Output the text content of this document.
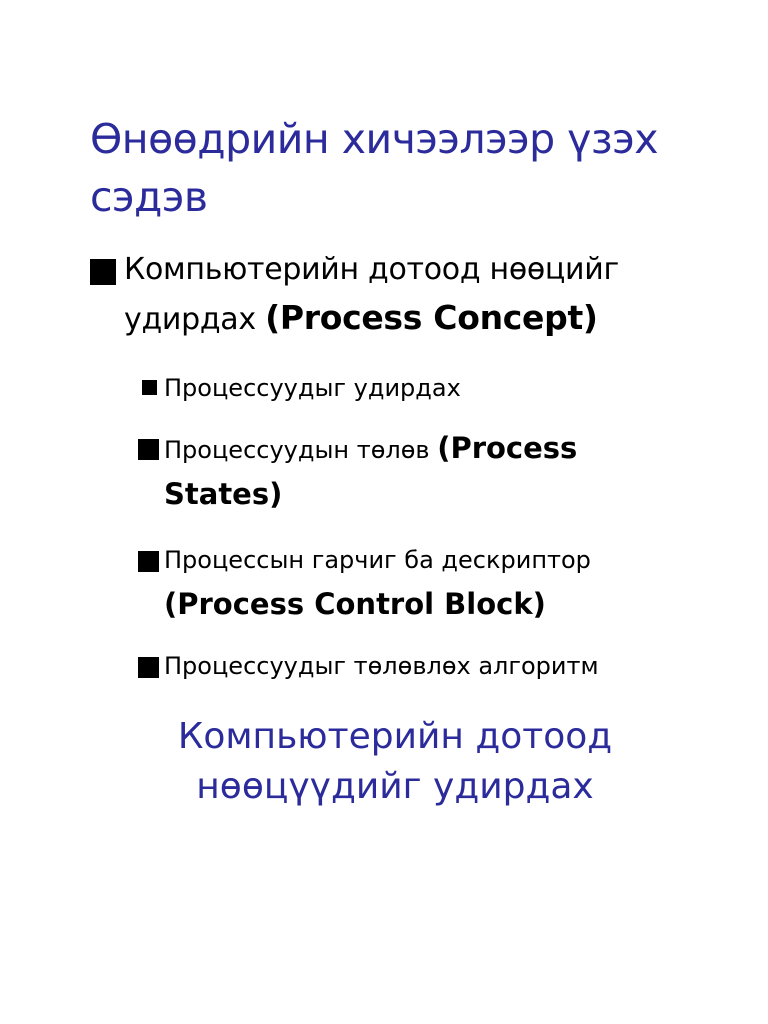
Өнөөдрийн хичээлээр үзэх сэдэв
Компьютерийн дотоод нөөцийг удирдах (Process Concept)
Процессуудыг удирдах
Процессуудын төлөв (Process States)
Процессын гарчиг ба дескриптор (Process Control Block)
Процессуудыг төлөвлөх алгоритм

Компьютерийн дотоод нөөцүүдийг удирдах
